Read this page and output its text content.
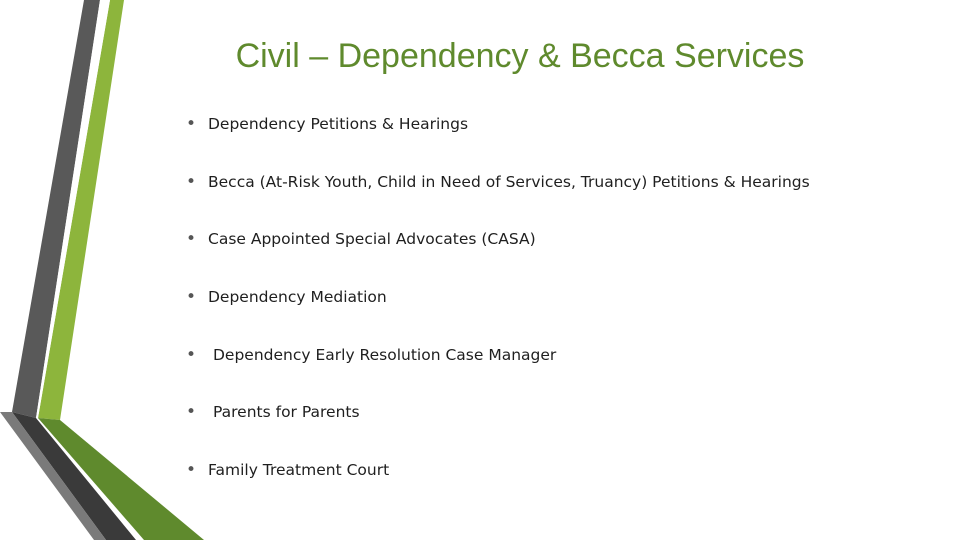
Civil – Dependency & Becca Services
• Dependency Petitions & Hearings
• Becca (At-Risk Youth, Child in Need of Services, Truancy) Petitions & Hearings
• Case Appointed Special Advocates (CASA)
• Dependency Mediation
•	Dependency Early Resolution Case Manager
•	Parents for Parents
• Family Treatment Court
